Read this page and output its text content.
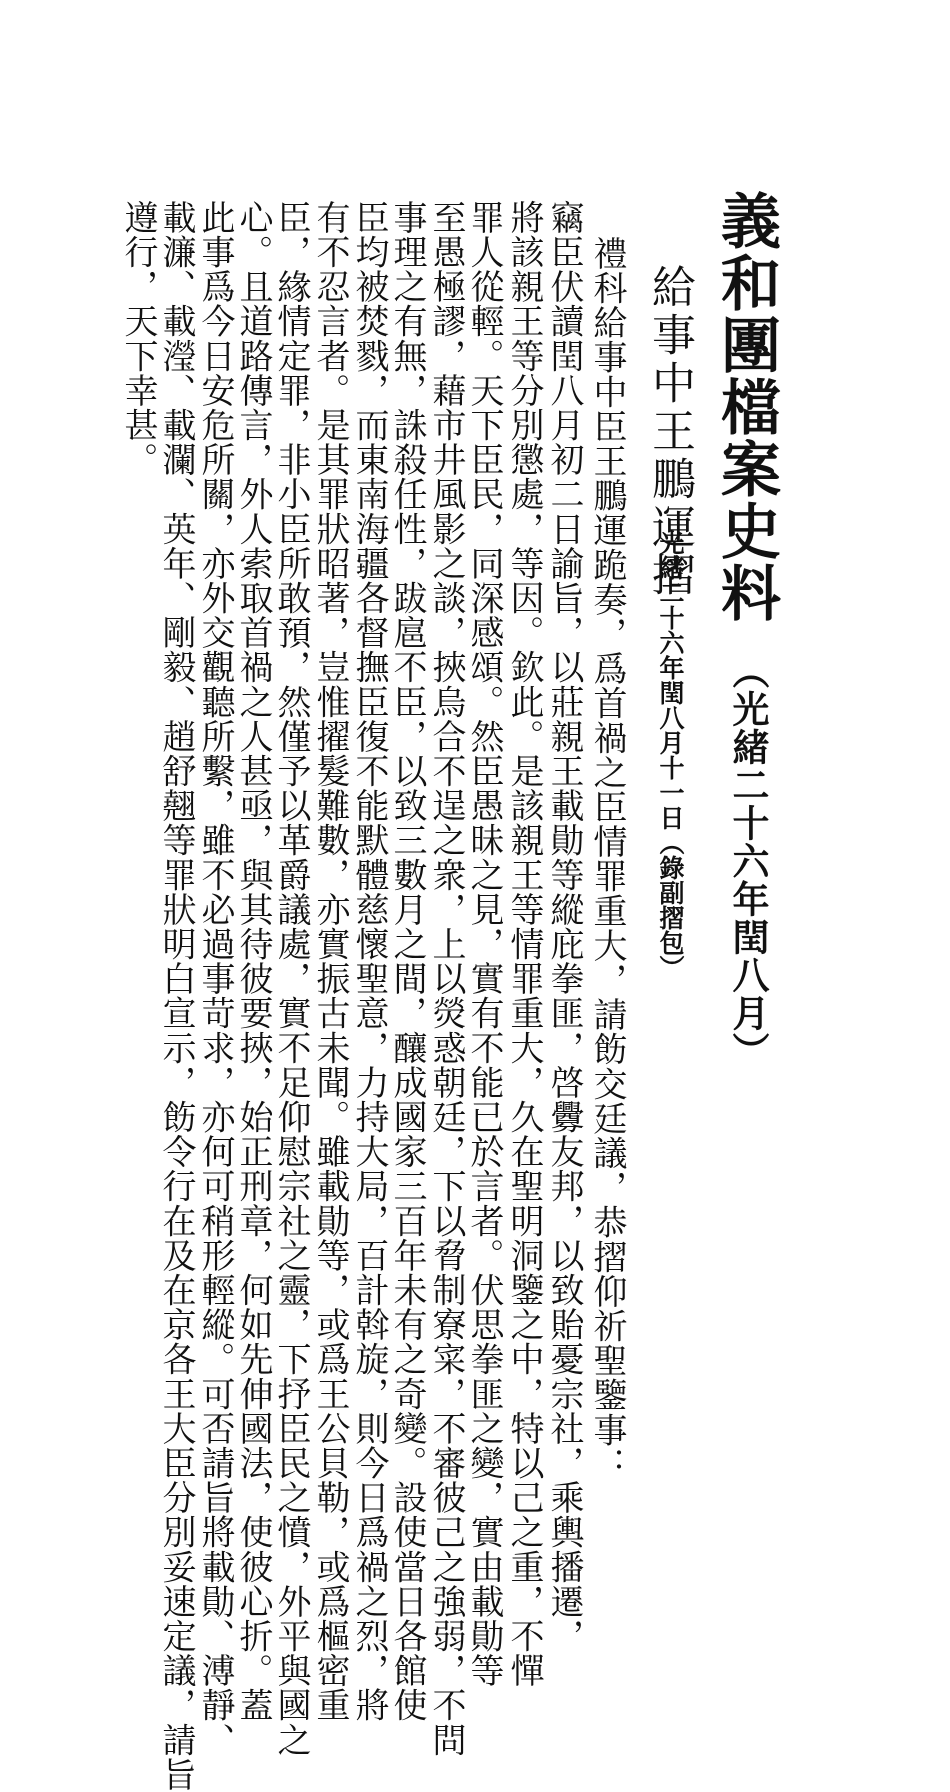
義和團檔案史料
（光緒二十六年閏八月）
給事中王鵬運摺
光緒二十六年閏八月十一日（錄副摺包）
禮科給事中臣王鵬運跪奏，爲首禍之臣情罪重大，請飭交廷議，恭摺仰祈聖鑒事：
竊臣伏讀閏八月初二日諭旨，以莊親王載勛等縱庇拳匪，啓釁友邦，以致貽憂宗社，乘輿播遷，
將該親王等分別懲處，等因。欽此。是該親王等情罪重大，久在聖明洞鑒之中，特以己之重，不憚
罪人從輕。天下臣民，同深感頌。然臣愚昧之見，實有不能已於言者。伏思拳匪之變，實由載勛等
至愚極謬，藉市井風影之談，挾烏合不逞之衆，上以熒惑朝廷，下以脅制寮寀，不審彼己之強弱，不問
事理之有無，誅殺任性，跋扈不臣，以致三數月之間，釀成國家三百年未有之奇變。設使當日各館使
臣均被焚戮，而東南海疆各督撫臣復不能默體慈懷聖意，力持大局，百計斡旋，則今日爲禍之烈，將
有不忍言者。是其罪狀昭著，豈惟擢髮難數，亦實振古未聞。雖載勛等，或爲王公貝勒，或爲樞密重
臣，緣情定罪，非小臣所敢預，然僅予以革爵議處，實不足仰慰宗社之靈，下抒臣民之憤，外平與國之
心。且道路傳言，外人索取首禍之人甚亟，與其待彼要挾，始正刑章，何如先伸國法，使彼心折。蓋
此事爲今日安危所關，亦外交觀聽所繫，雖不必過事苛求，亦何可稍形輕縱。可否請旨將載勛、溥靜、
載濂、載瀅、載瀾、英年、剛毅、趙舒翹等罪狀明白宣示，飭令行在及在京各王大臣分別妥速定議，請旨
遵行，天下幸甚。
